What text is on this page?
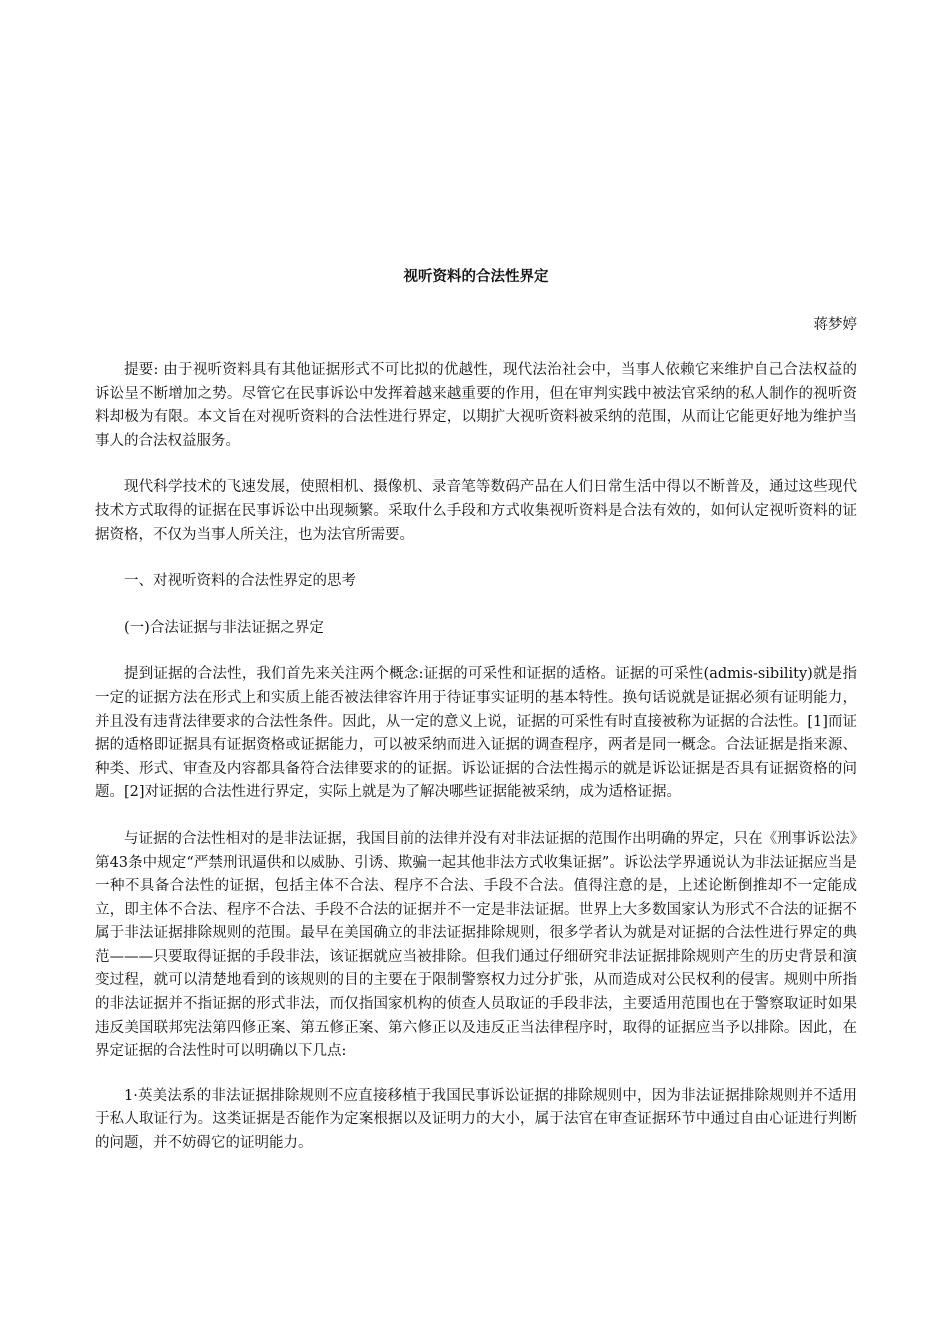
视听资料的合法性界定

蒋梦婷

提要: 由于视听资料具有其他证据形式不可比拟的优越性，现代法治社会中，当事人依赖它来维护自己合法权益的诉讼呈不断增加之势。尽管它在民事诉讼中发挥着越来越重要的作用，但在审判实践中被法官采纳的私人制作的视听资料却极为有限。本文旨在对视听资料的合法性进行界定，以期扩大视听资料被采纳的范围，从而让它能更好地为维护当事人的合法权益服务。

现代科学技术的飞速发展，使照相机、摄像机、录音笔等数码产品在人们日常生活中得以不断普及，通过这些现代技术方式取得的证据在民事诉讼中出现频繁。采取什么手段和方式收集视听资料是合法有效的，如何认定视听资料的证据资格，不仅为当事人所关注，也为法官所需要。

一、对视听资料的合法性界定的思考

(一)合法证据与非法证据之界定

提到证据的合法性，我们首先来关注两个概念:证据的可采性和证据的适格。证据的可采性(admis-sibility)就是指一定的证据方法在形式上和实质上能否被法律容许用于待证事实证明的基本特性。换句话说就是证据必须有证明能力，并且没有违背法律要求的合法性条件。因此，从一定的意义上说，证据的可采性有时直接被称为证据的合法性。[1]而证据的适格即证据具有证据资格或证据能力，可以被采纳而进入证据的调查程序，两者是同一概念。合法证据是指来源、种类、形式、审查及内容都具备符合法律要求的的证据。诉讼证据的合法性揭示的就是诉讼证据是否具有证据资格的问题。[2]对证据的合法性进行界定，实际上就是为了解决哪些证据能被采纳，成为适格证据。

与证据的合法性相对的是非法证据，我国目前的法律并没有对非法证据的范围作出明确的界定，只在《刑事诉讼法》第43条中规定“严禁刑讯逼供和以威胁、引诱、欺骗一起其他非法方式收集证据”。诉讼法学界通说认为非法证据应当是一种不具备合法性的证据，包括主体不合法、程序不合法、手段不合法。值得注意的是，上述论断倒推却不一定能成立，即主体不合法、程序不合法、手段不合法的证据并不一定是非法证据。世界上大多数国家认为形式不合法的证据不属于非法证据排除规则的范围。最早在美国确立的非法证据排除规则，很多学者认为就是对证据的合法性进行界定的典范———只要取得证据的手段非法，该证据就应当被排除。但我们通过仔细研究非法证据排除规则产生的历史背景和演变过程，就可以清楚地看到的该规则的目的主要在于限制警察权力过分扩张，从而造成对公民权利的侵害。规则中所指的非法证据并不指证据的形式非法，而仅指国家机构的侦查人员取证的手段非法，主要适用范围也在于警察取证时如果违反美国联邦宪法第四修正案、第五修正案、第六修正以及违反正当法律程序时，取得的证据应当予以排除。因此，在界定证据的合法性时可以明确以下几点:

1·英美法系的非法证据排除规则不应直接移植于我国民事诉讼证据的排除规则中，因为非法证据排除规则并不适用于私人取证行为。这类证据是否能作为定案根据以及证明力的大小，属于法官在审查证据环节中通过自由心证进行判断的问题，并不妨碍它的证明能力。
